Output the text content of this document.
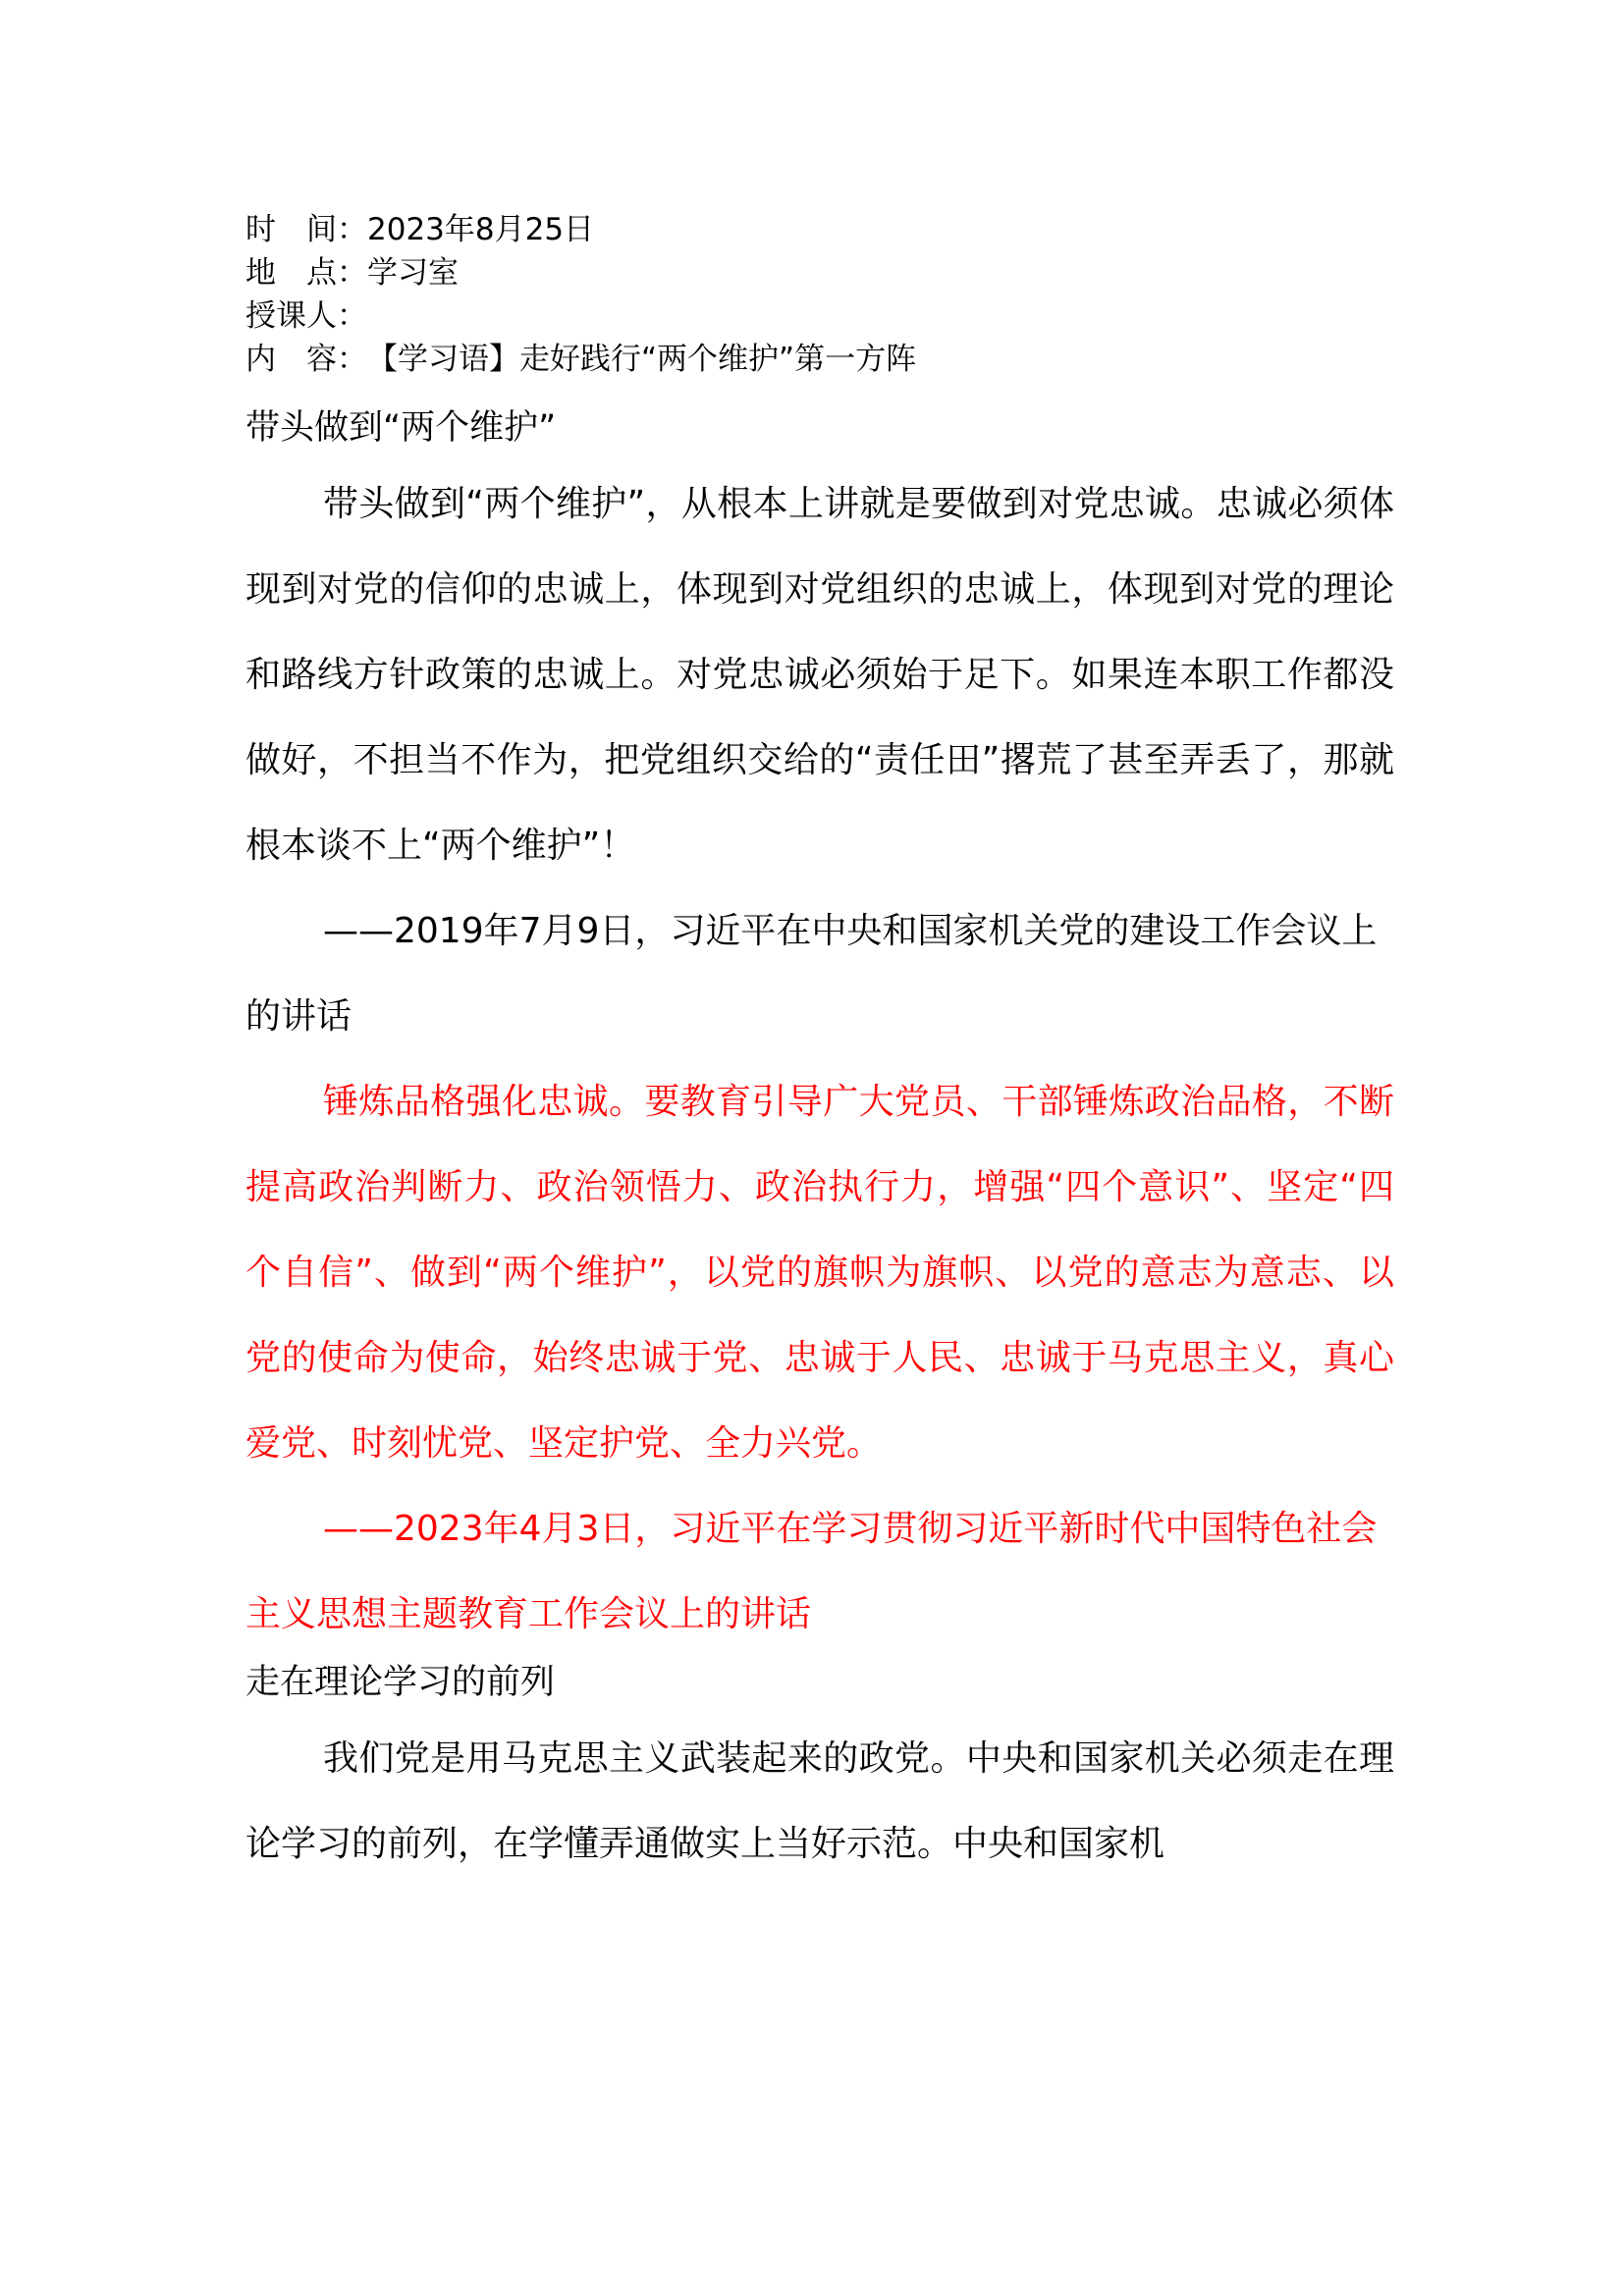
时　间： 2023年8月25日
地　点： 学习室
授课人：
内　容： 【学习语】走好践行“两个维护”第一方阵
带头做到“两个维护”

带头做到“两个维护”，从根本上讲就是要做到对党忠诚。忠诚必须体现到对党的信仰的忠诚上，体现到对党组织的忠诚上，体现到对党的理论和路线方针政策的忠诚上。对党忠诚必须始于足下。如果连本职工作都没做好，不担当不作为，把党组织交给的“责任田”撂荒了甚至弄丢了，那就根本谈不上“两个维护”！

——2019年7月9日，习近平在中央和国家机关党的建设工作会议上的讲话

锤炼品格强化忠诚。要教育引导广大党员、干部锤炼政治品格，不断提高政治判断力、政治领悟力、政治执行力，增强“四个意识”、坚定“四个自信”、做到“两个维护”，以党的旗帜为旗帜、以党的意志为意志、以党的使命为使命，始终忠诚于党、忠诚于人民、忠诚于马克思主义，真心爱党、时刻忧党、坚定护党、全力兴党。

——2023年4月3日，习近平在学习贯彻习近平新时代中国特色社会主义思想主题教育工作会议上的讲话

走在理论学习的前列

我们党是用马克思主义武装起来的政党。中央和国家机关必须走在理论学习的前列，在学懂弄通做实上当好示范。中央和国家机
